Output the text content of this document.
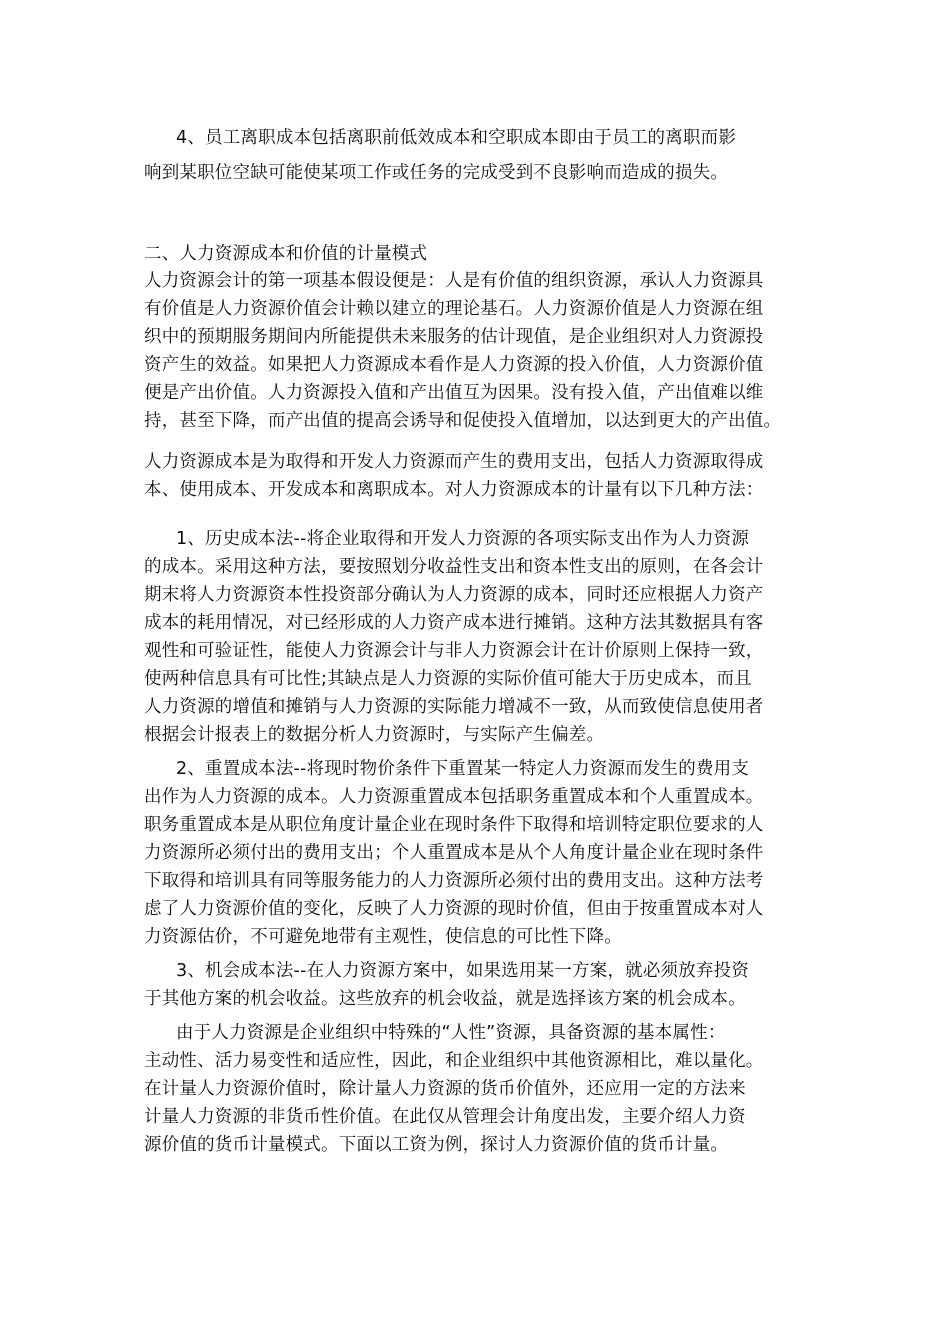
4、员工离职成本包括离职前低效成本和空职成本即由于员工的离职而影
响到某职位空缺可能使某项工作或任务的完成受到不良影响而造成的损失。
二、人力资源成本和价值的计量模式
人力资源会计的第一项基本假设便是：人是有价值的组织资源，承认人力资源具
有价值是人力资源价值会计赖以建立的理论基石。人力资源价值是人力资源在组
织中的预期服务期间内所能提供未来服务的估计现值，是企业组织对人力资源投
资产生的效益。如果把人力资源成本看作是人力资源的投入价值，人力资源价值
便是产出价值。人力资源投入值和产出值互为因果。没有投入值，产出值难以维
持，甚至下降，而产出值的提高会诱导和促使投入值增加，以达到更大的产出值。
人力资源成本是为取得和开发人力资源而产生的费用支出，包括人力资源取得成
本、使用成本、开发成本和离职成本。对人力资源成本的计量有以下几种方法：
1、历史成本法--将企业取得和开发人力资源的各项实际支出作为人力资源
的成本。采用这种方法，要按照划分收益性支出和资本性支出的原则，在各会计
期末将人力资源资本性投资部分确认为人力资源的成本，同时还应根据人力资产
成本的耗用情况，对已经形成的人力资产成本进行摊销。这种方法其数据具有客
观性和可验证性，能使人力资源会计与非人力资源会计在计价原则上保持一致，
使两种信息具有可比性;其缺点是人力资源的实际价值可能大于历史成本，而且
人力资源的增值和摊销与人力资源的实际能力增减不一致，从而致使信息使用者
根据会计报表上的数据分析人力资源时，与实际产生偏差。
2、重置成本法--将现时物价条件下重置某一特定人力资源而发生的费用支
出作为人力资源的成本。人力资源重置成本包括职务重置成本和个人重置成本。
职务重置成本是从职位角度计量企业在现时条件下取得和培训特定职位要求的人
力资源所必须付出的费用支出；个人重置成本是从个人角度计量企业在现时条件
下取得和培训具有同等服务能力的人力资源所必须付出的费用支出。这种方法考
虑了人力资源价值的变化，反映了人力资源的现时价值，但由于按重置成本对人
力资源估价，不可避免地带有主观性，使信息的可比性下降。
3、机会成本法--在人力资源方案中，如果选用某一方案，就必须放弃投资
于其他方案的机会收益。这些放弃的机会收益，就是选择该方案的机会成本。
由于人力资源是企业组织中特殊的“人性”资源，具备资源的基本属性：
主动性、活力易变性和适应性，因此，和企业组织中其他资源相比，难以量化。
在计量人力资源价值时，除计量人力资源的货币价值外，还应用一定的方法来
计量人力资源的非货币性价值。在此仅从管理会计角度出发，主要介绍人力资
源价值的货币计量模式。下面以工资为例，探讨人力资源价值的货币计量。
